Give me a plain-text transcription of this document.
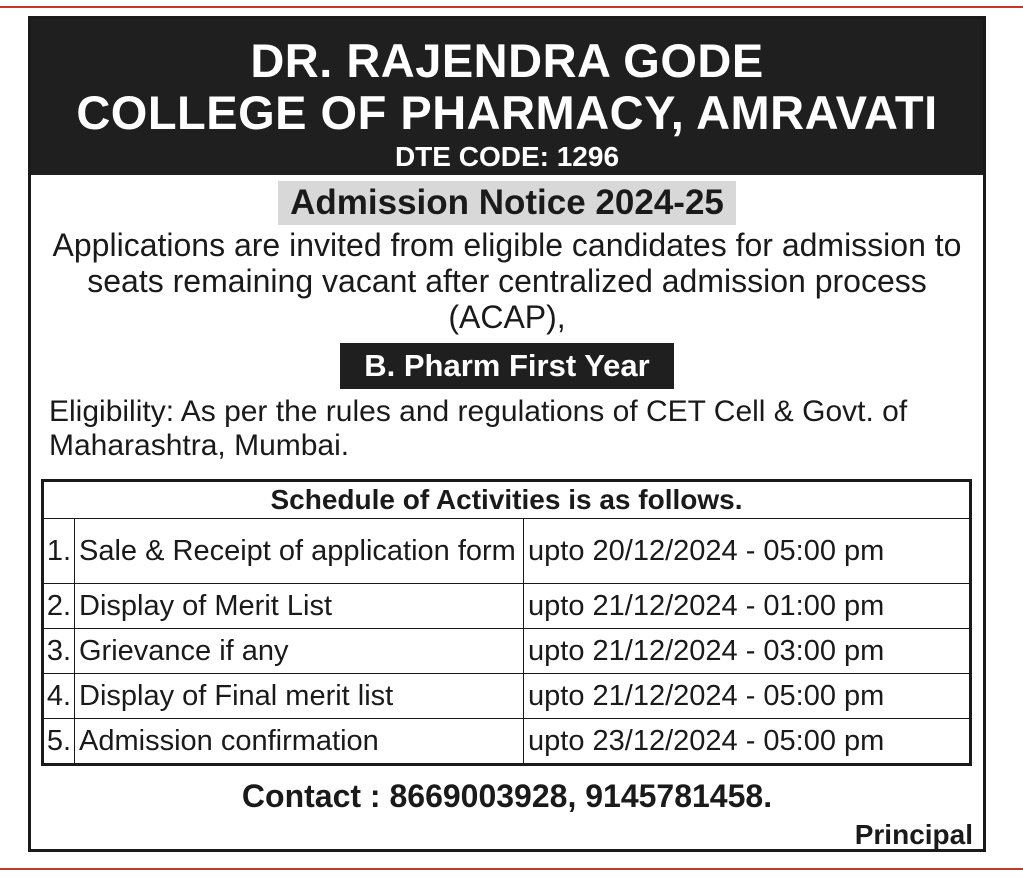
DR. RAJENDRA GODE
COLLEGE OF PHARMACY, AMRAVATI
DTE CODE: 1296
Admission Notice 2024-25
Applications are invited from eligible candidates for admission to seats remaining vacant after centralized admission process (ACAP),
B. Pharm First Year
Eligibility: As per the rules and regulations of CET Cell & Govt. of Maharashtra, Mumbai.
Schedule of Activities is as follows.		
1.	Sale & Receipt of application form	upto 20/12/2024 - 05:00 pm
2.	Display of Merit List	upto 21/12/2024 - 01:00 pm
3.	Grievance if any	upto 21/12/2024 - 03:00 pm
4.	Display of Final merit list	upto 21/12/2024 - 05:00 pm
5.	Admission confirmation	upto 23/12/2024 - 05:00 pm
Contact : 8669003928, 9145781458.
Principal
